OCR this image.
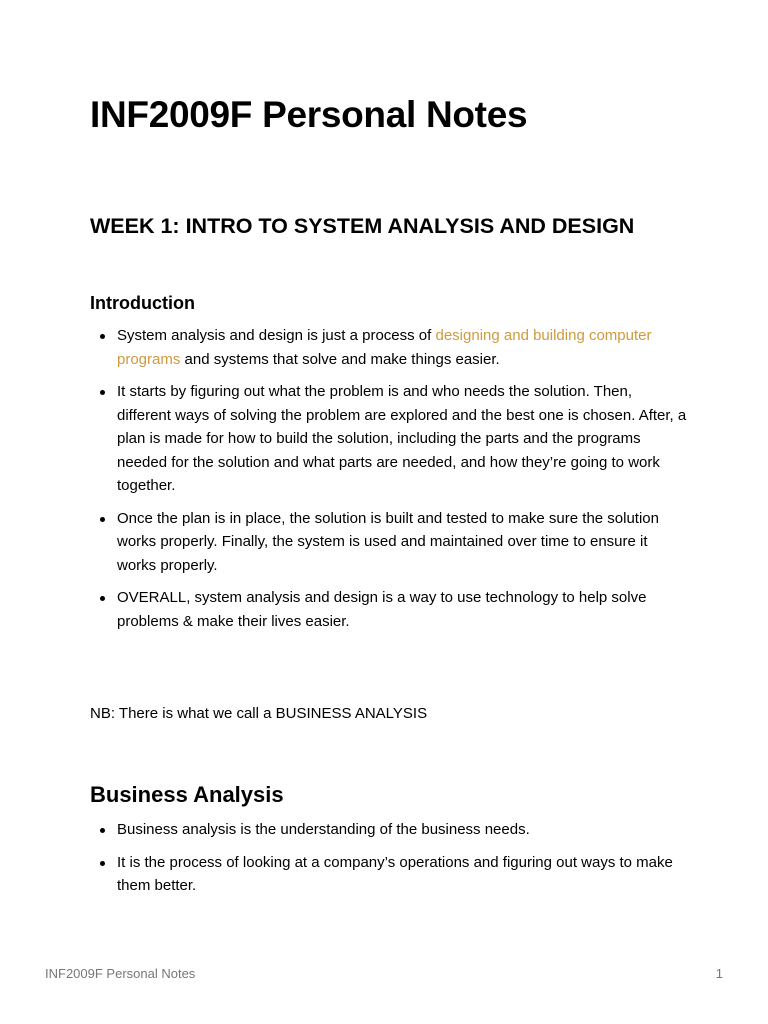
INF2009F Personal Notes
WEEK 1: INTRO TO SYSTEM ANALYSIS AND DESIGN
Introduction
System analysis and design is just a process of designing and building computer programs and systems that solve and make things easier.
It starts by figuring out what the problem is and who needs the solution. Then, different ways of solving the problem are explored and the best one is chosen. After, a plan is made for how to build the solution, including the parts and the programs needed for the solution and what parts are needed, and how they’re going to work together.
Once the plan is in place, the solution is built and tested to make sure the solution works properly. Finally, the system is used and maintained over time to ensure it works properly.
OVERALL, system analysis and design is a way to use technology to help solve problems & make their lives easier.

NB: There is what we call a BUSINESS ANALYSIS

Business Analysis
Business analysis is the understanding of the business needs.
It is the process of looking at a company’s operations and figuring out ways to make them better.
INF2009F Personal Notes	1
